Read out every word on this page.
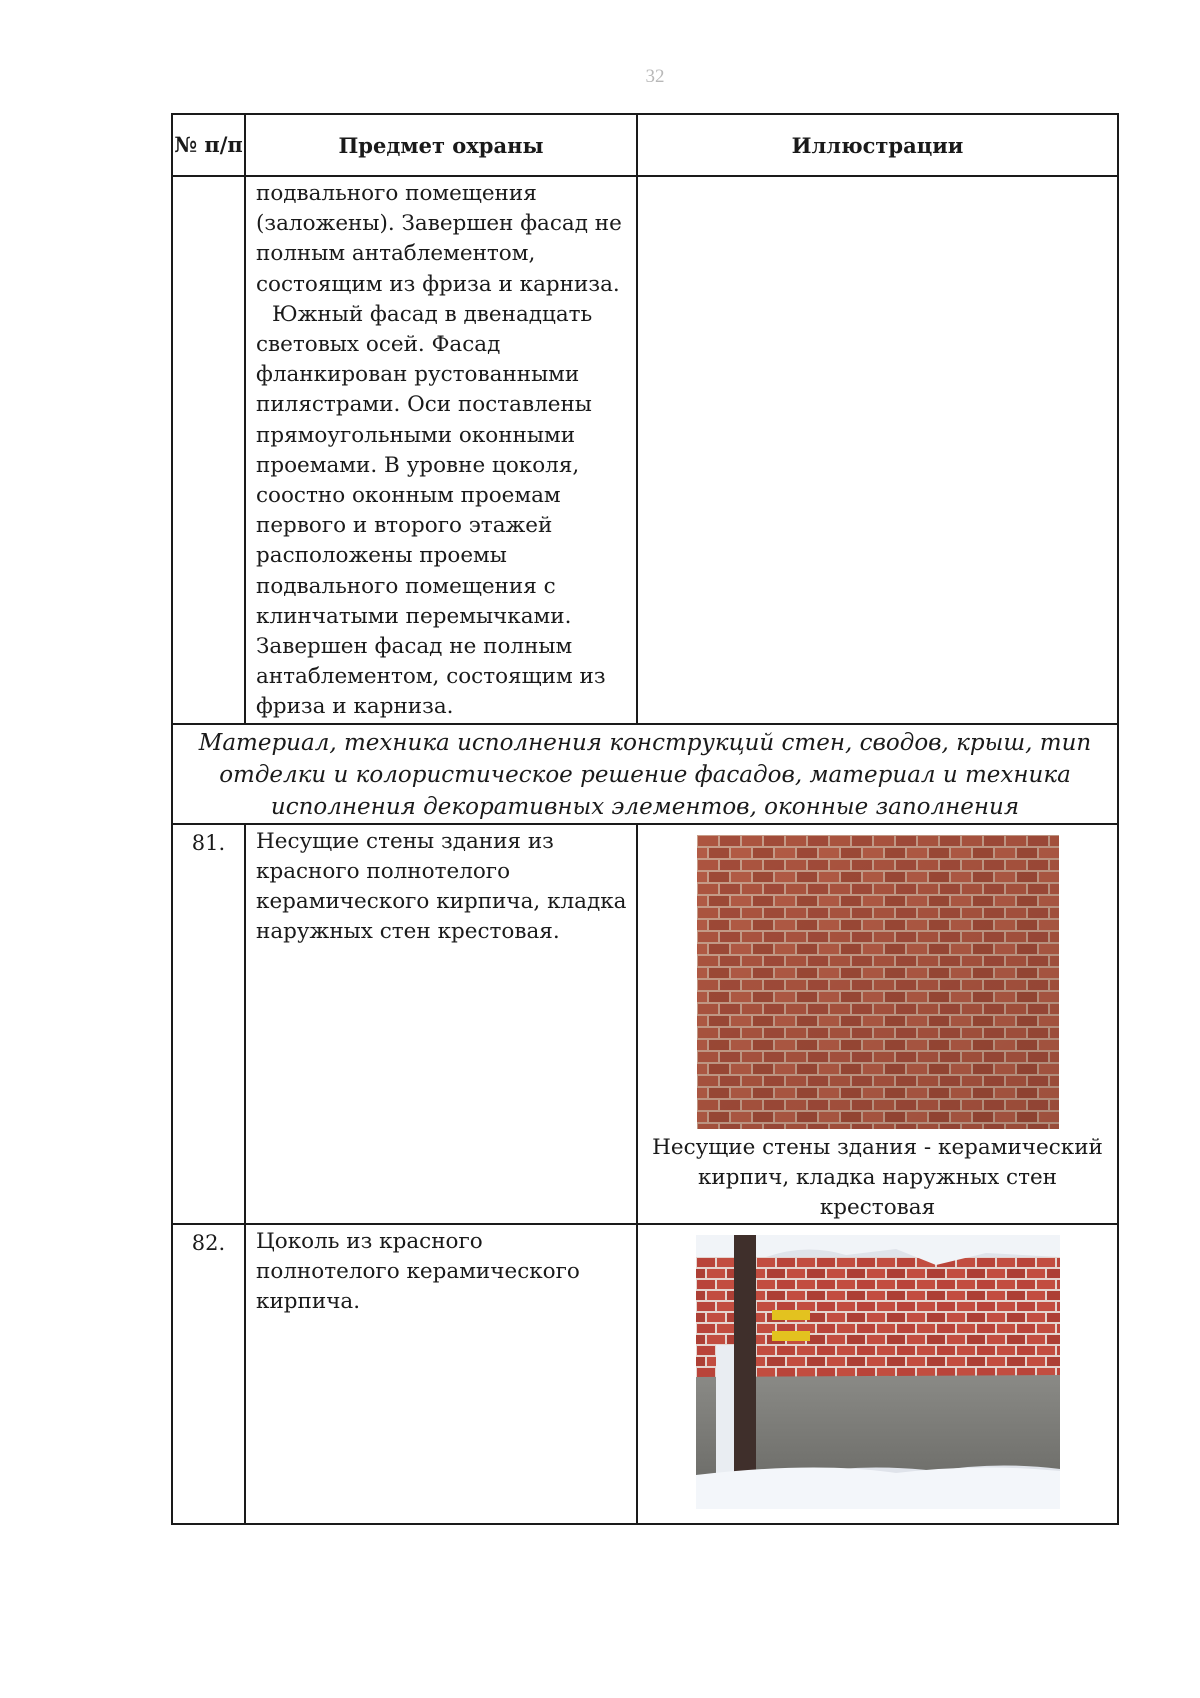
32
№ п/п	Предмет охраны	Иллюстрации

	подвального помещения (заложены). Завершен фасад не полным антаблементом, состоящим из фриза и карниза.

Южный фасад в двенадцать световых осей. Фасад фланкирован рустованными пилястрами. Оси поставлены прямоугольными оконными проемами. В уровне цоколя, соостно оконным проемам первого и второго этажей расположены проемы подвального помещения с клинчатыми перемычками. Завершен фасад не полным антаблементом, состоящим из фриза и карниза.	

Материал, техника исполнения конструкций стен, сводов, крыш, тип отделки и колористическое решение фасадов, материал и техника исполнения декоративных элементов, оконные заполнения		
81.	Несущие стены здания из красного полнотелого керамического кирпича, кладка наружных стен крестовая.	Несущие стены здания - керамический кирпич, кладка наружных стен крестовая

82.	Цоколь из красного полнотелого керамического кирпича.	
